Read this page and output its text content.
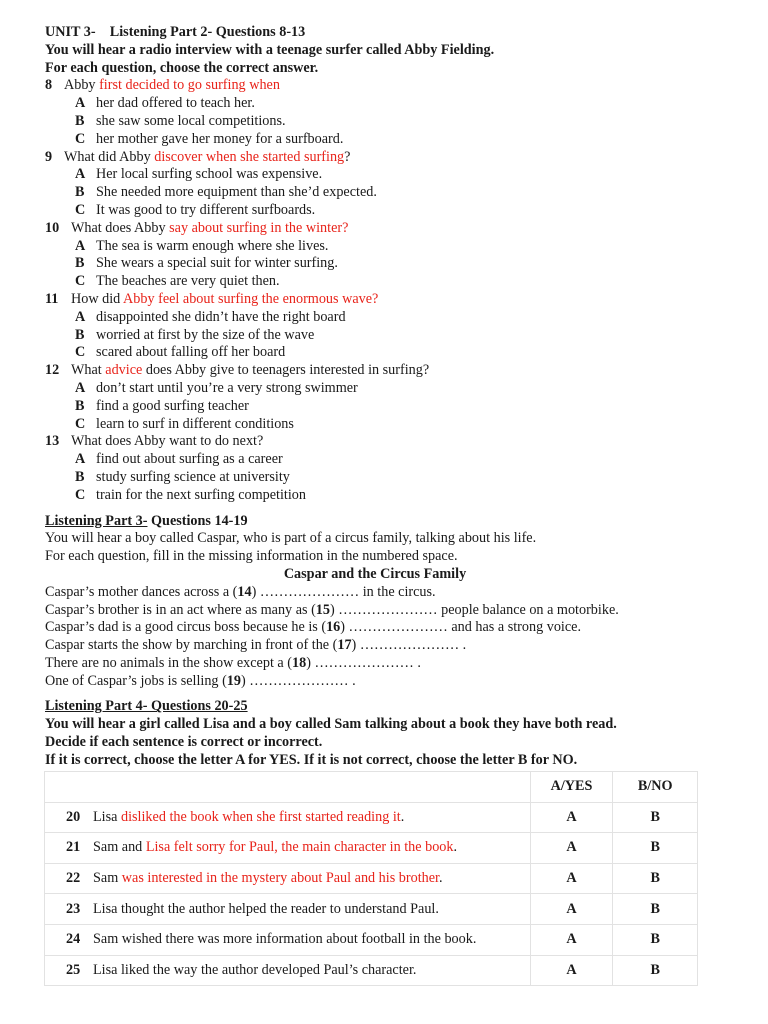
UNIT 3-    Listening Part 2- Questions 8-13
You will hear a radio interview with a teenage surfer called Abby Fielding.
For each question, choose the correct answer.
8 Abby first decided to go surfing when
A her dad offered to teach her.
B she saw some local competitions.
C her mother gave her money for a surfboard.
9 What did Abby discover when she started surfing?
A Her local surfing school was expensive.
B She needed more equipment than she’d expected.
C It was good to try different surfboards.
10 What does Abby say about surfing in the winter?
A The sea is warm enough where she lives.
B She wears a special suit for winter surfing.
C The beaches are very quiet then.
11 How did Abby feel about surfing the enormous wave?
A disappointed she didn’t have the right board
B worried at first by the size of the wave
C scared about falling off her board
12 What advice does Abby give to teenagers interested in surfing?
A don’t start until you’re a very strong swimmer
B find a good surfing teacher
C learn to surf in different conditions
13 What does Abby want to do next?
A find out about surfing as a career
B study surfing science at university
C train for the next surfing competition
Listening Part 3- Questions 14-19
You will hear a boy called Caspar, who is part of a circus family, talking about his life.
For each question, fill in the missing information in the numbered space.
Caspar and the Circus Family
Caspar’s mother dances across a (14) ………………… in the circus.
Caspar’s brother is in an act where as many as (15) ………………… people balance on a motorbike.
Caspar’s dad is a good circus boss because he is (16) ………………… and has a strong voice.
Caspar starts the show by marching in front of the (17) ………………… .
There are no animals in the show except a (18) ………………… .
One of Caspar’s jobs is selling (19) ………………… .
Listening Part 4- Questions 20-25
You will hear a girl called Lisa and a boy called Sam talking about a book they have both read.
Decide if each sentence is correct or incorrect.
If it is correct, choose the letter A for YES. If it is not correct, choose the letter B for NO.
	A/YES	B/NO
20 Lisa disliked the book when she first started reading it.	A	B
21 Sam and Lisa felt sorry for Paul, the main character in the book.	A	B
22 Sam was interested in the mystery about Paul and his brother.	A	B
23 Lisa thought the author helped the reader to understand Paul.	A	B
24 Sam wished there was more information about football in the book.	A	B
25 Lisa liked the way the author developed Paul’s character.	A	B
